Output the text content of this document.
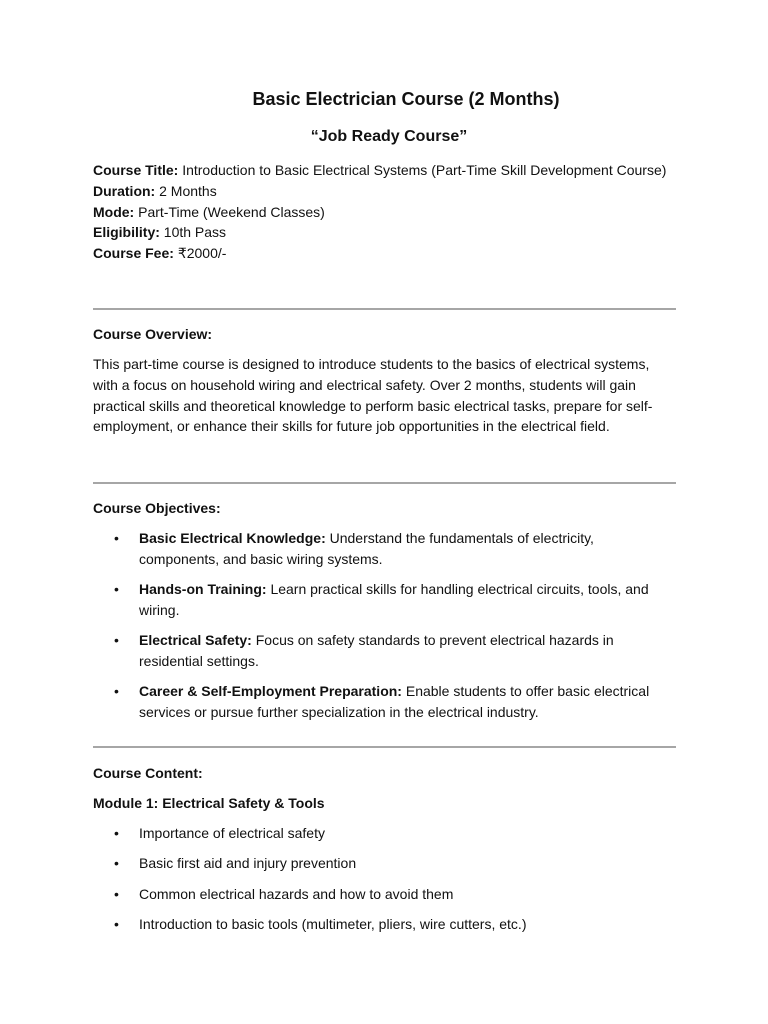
Basic Electrician Course (2 Months)
“Job Ready Course”

Course Title: Introduction to Basic Electrical Systems (Part-Time Skill Development Course)

Duration: 2 Months

Mode: Part-Time (Weekend Classes)

Eligibility: 10th Pass

Course Fee: ₹2000/-

Course Overview:

This part-time course is designed to introduce students to the basics of electrical systems, with a focus on household wiring and electrical safety. Over 2 months, students will gain practical skills and theoretical knowledge to perform basic electrical tasks, prepare for self-employment, or enhance their skills for future job opportunities in the electrical field.

Course Objectives:

• Basic Electrical Knowledge: Understand the fundamentals of electricity, components, and basic wiring systems.
• Hands-on Training: Learn practical skills for handling electrical circuits, tools, and wiring.
• Electrical Safety: Focus on safety standards to prevent electrical hazards in residential settings.
• Career & Self-Employment Preparation: Enable students to offer basic electrical services or pursue further specialization in the electrical industry.

Course Content:

Module 1: Electrical Safety & Tools

• Importance of electrical safety
• Basic first aid and injury prevention
• Common electrical hazards and how to avoid them
• Introduction to basic tools (multimeter, pliers, wire cutters, etc.)
